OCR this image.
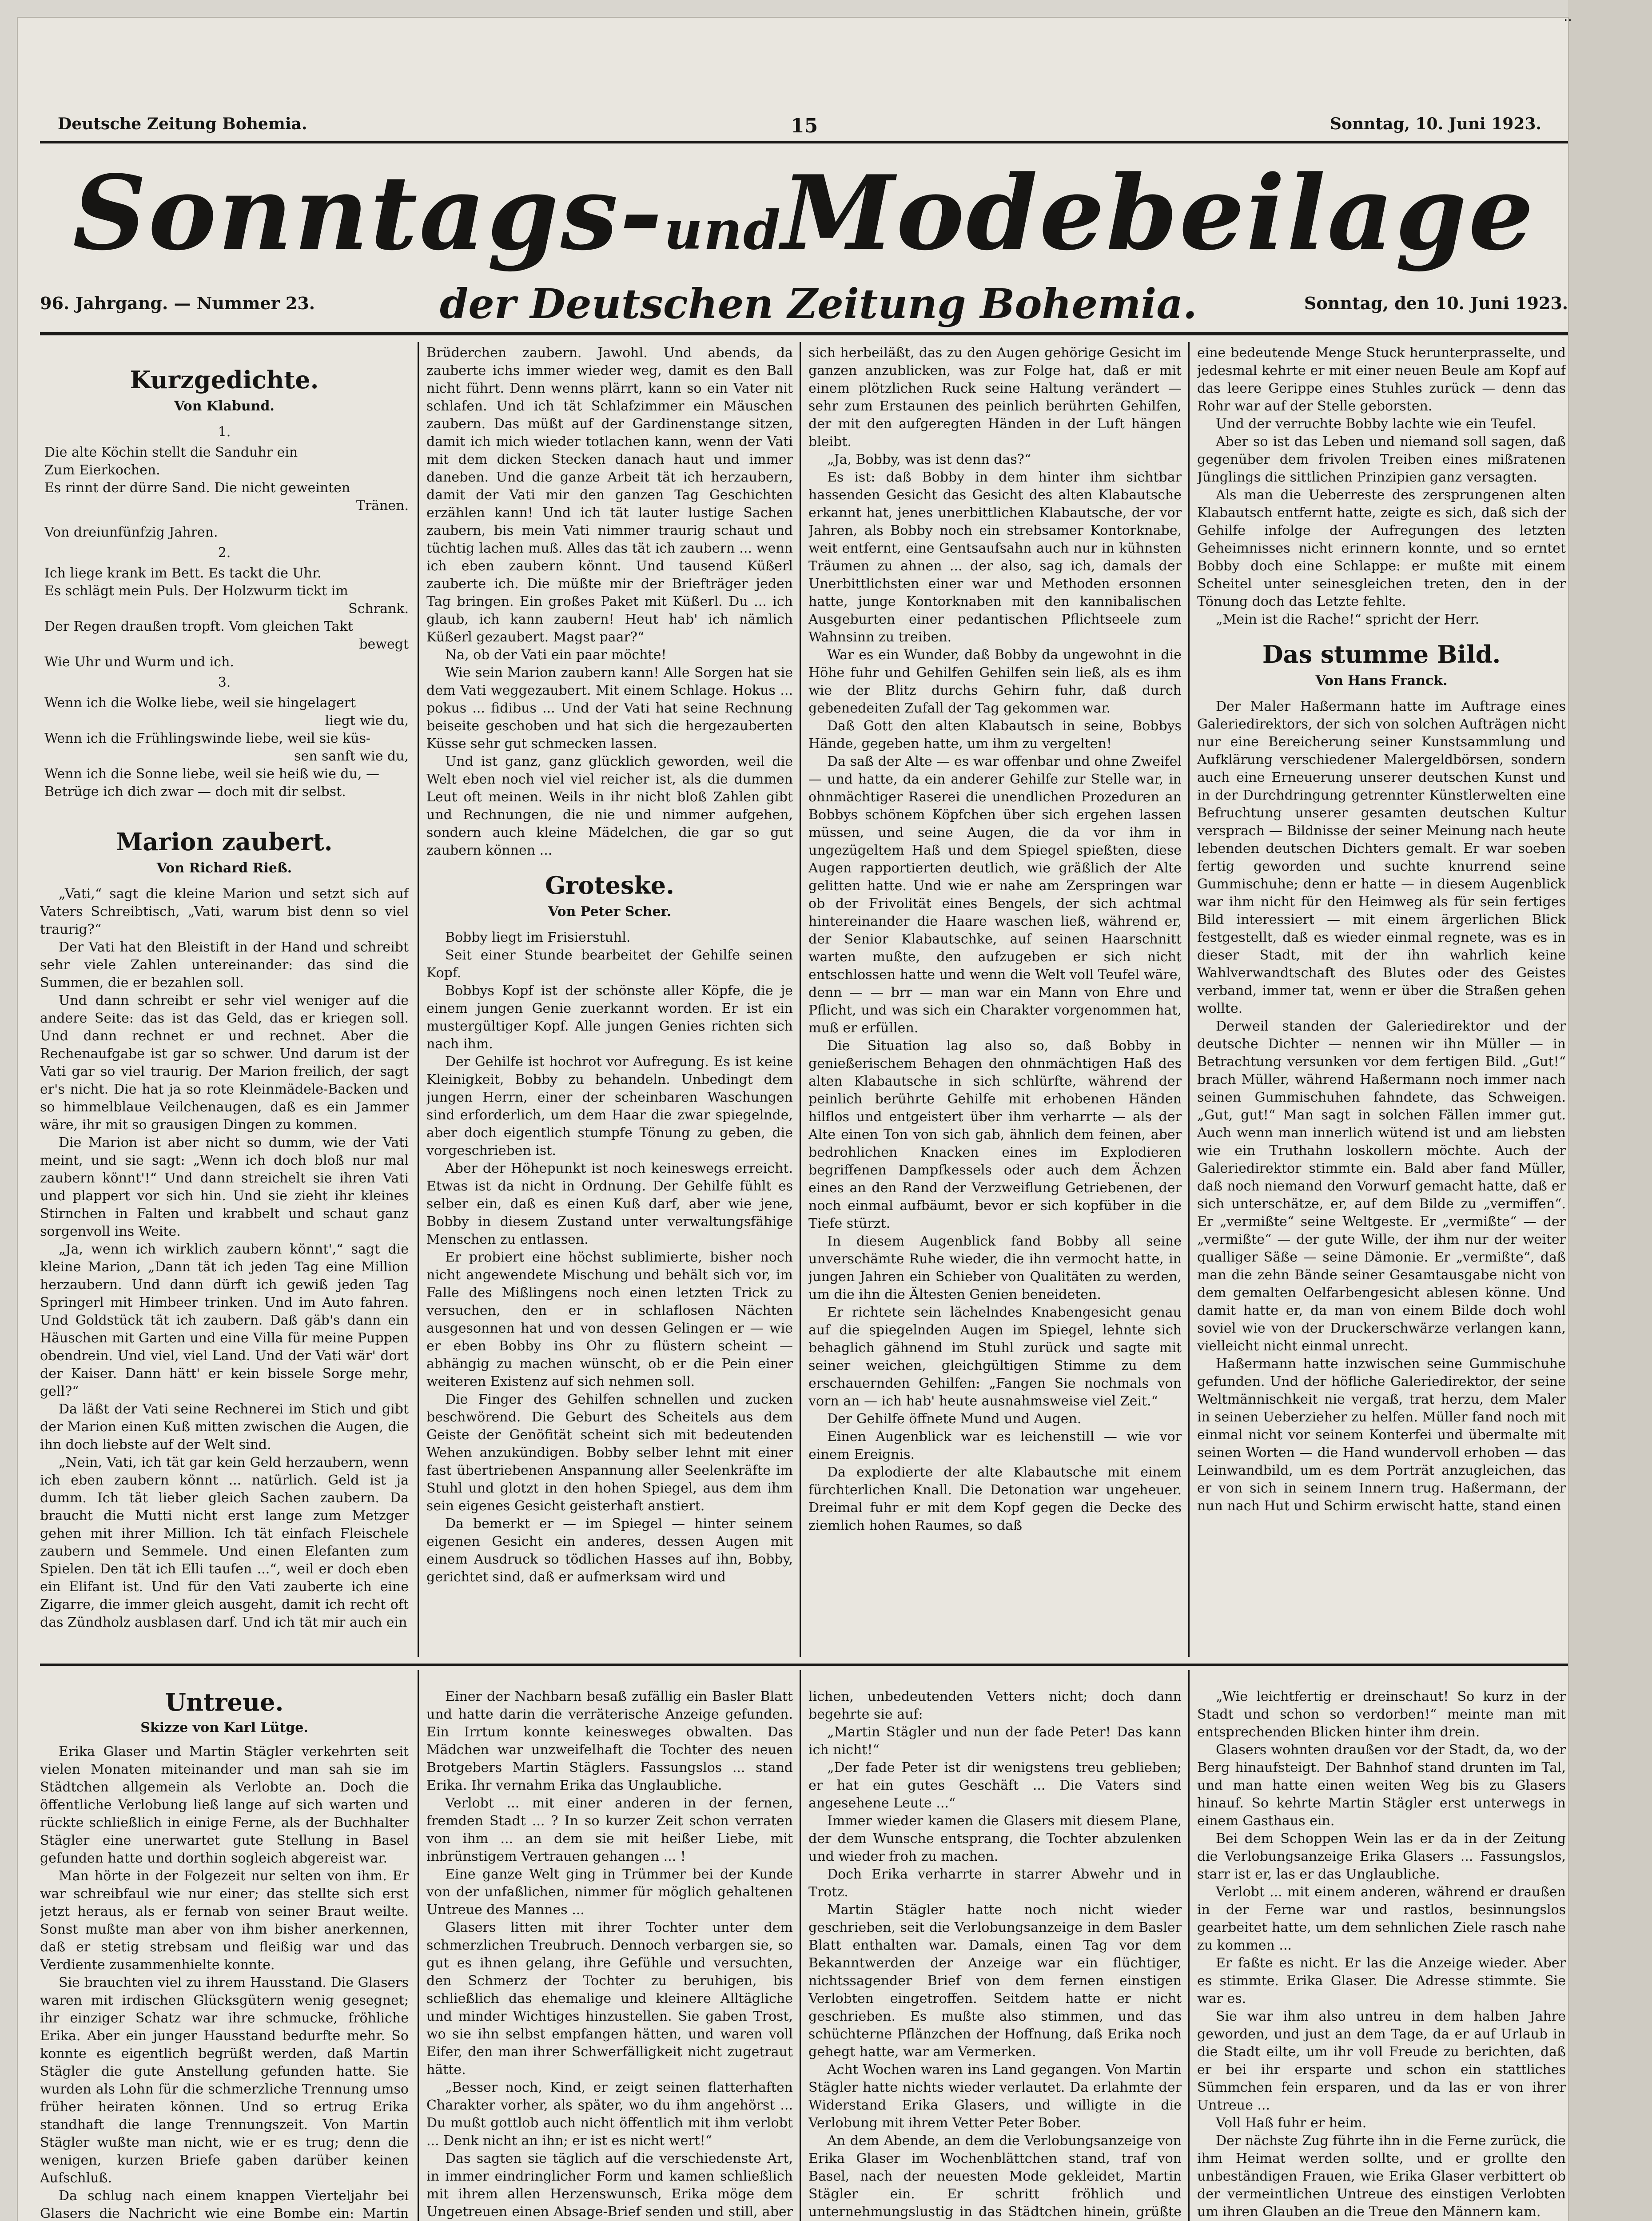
Deutsche Zeitung Bohemia.	15	Sonntag, 10. Juni 1923.
Sonntags-undModebeilage
96. Jahrgang. — Nummer 23.	der Deutschen Zeitung Bohemia.	Sonntag, den 10. Juni 1923.
Kurzgedichte.
Von Klabund.
1.
Die alte Köchin stellt die Sanduhr ein
Zum Eierkochen.
Es rinnt der dürre Sand. Die nicht geweinten
Tränen.
Von dreiunfünfzig Jahren.
2.
Ich liege krank im Bett. Es tackt die Uhr.
Es schlägt mein Puls. Der Holzwurm tickt im
Schrank.
Der Regen draußen tropft. Vom gleichen Takt
bewegt
Wie Uhr und Wurm und ich.
3.
Wenn ich die Wolke liebe, weil sie hingelagert
liegt wie du,
Wenn ich die Frühlingswinde liebe, weil sie küs-
sen sanft wie du,
Wenn ich die Sonne liebe, weil sie heiß wie du, —
Betrüge ich dich zwar — doch mit dir selbst.
Marion zaubert.
Von Richard Rieß.

„Vati,“ sagt die kleine Marion und setzt sich auf Vaters Schreibtisch, „Vati, warum bist denn so viel traurig?“

Der Vati hat den Bleistift in der Hand und schreibt sehr viele Zahlen untereinander: das sind die Summen, die er bezahlen soll.

Und dann schreibt er sehr viel weniger auf die andere Seite: das ist das Geld, das er kriegen soll. Und dann rechnet er und rechnet. Aber die Rechenaufgabe ist gar so schwer. Und darum ist der Vati gar so viel traurig. Der Marion freilich, der sagt er's nicht. Die hat ja so rote Kleinmädele-Backen und so himmelblaue Veilchenaugen, daß es ein Jammer wäre, ihr mit so grausigen Dingen zu kommen.

Die Marion ist aber nicht so dumm, wie der Vati meint, und sie sagt: „Wenn ich doch bloß nur mal zaubern könnt'!“ Und dann streichelt sie ihren Vati und plappert vor sich hin. Und sie zieht ihr kleines Stirnchen in Falten und krabbelt und schaut ganz sorgenvoll ins Weite.

„Ja, wenn ich wirklich zaubern könnt',“ sagt die kleine Marion, „Dann tät ich jeden Tag eine Million herzaubern. Und dann dürft ich gewiß jeden Tag Springerl mit Himbeer trinken. Und im Auto fahren. Und Goldstück tät ich zaubern. Daß gäb's dann ein Häuschen mit Garten und eine Villa für meine Puppen obendrein. Und viel, viel Land. Und der Vati wär' dort der Kaiser. Dann hätt' er kein bissele Sorge mehr, gell?“

Da läßt der Vati seine Rechnerei im Stich und gibt der Marion einen Kuß mitten zwischen die Augen, die ihn doch liebste auf der Welt sind.

„Nein, Vati, ich tät gar kein Geld herzaubern, wenn ich eben zaubern könnt ... natürlich. Geld ist ja dumm. Ich tät lieber gleich Sachen zaubern. Da braucht die Mutti nicht erst lange zum Metzger gehen mit ihrer Million. Ich tät einfach Fleischele zaubern und Semmele. Und einen Elefanten zum Spielen. Den tät ich Elli taufen ...“, weil er doch eben ein Elifant ist. Und für den Vati zauberte ich eine Zigarre, die immer gleich ausgeht, damit ich recht oft das Zündholz ausblasen darf. Und ich tät mir auch ein

Brüderchen zaubern. Jawohl. Und abends, da zauberte ichs immer wieder weg, damit es den Ball nicht führt. Denn wenns plärrt, kann so ein Vater nit schlafen. Und ich tät Schlafzimmer ein Mäuschen zaubern. Das müßt auf der Gardinenstange sitzen, damit ich mich wieder totlachen kann, wenn der Vati mit dem dicken Stecken danach haut und immer daneben. Und die ganze Arbeit tät ich herzaubern, damit der Vati mir den ganzen Tag Geschichten erzählen kann! Und ich tät lauter lustige Sachen zaubern, bis mein Vati nimmer traurig schaut und tüchtig lachen muß. Alles das tät ich zaubern ... wenn ich eben zaubern könnt. Und tausend Küßerl zauberte ich. Die müßte mir der Briefträger jeden Tag bringen. Ein großes Paket mit Küßerl. Du ... ich glaub, ich kann zaubern! Heut hab' ich nämlich Küßerl gezaubert. Magst paar?“

Na, ob der Vati ein paar möchte!

Wie sein Marion zaubern kann! Alle Sorgen hat sie dem Vati weggezaubert. Mit einem Schlage. Hokus ... pokus ... fidibus ... Und der Vati hat seine Rechnung beiseite geschoben und hat sich die hergezauberten Küsse sehr gut schmecken lassen.

Und ist ganz, ganz glücklich geworden, weil die Welt eben noch viel viel reicher ist, als die dummen Leut oft meinen. Weils in ihr nicht bloß Zahlen gibt und Rechnungen, die nie und nimmer aufgehen, sondern auch kleine Mädelchen, die gar so gut zaubern können ...

Groteske.
Von Peter Scher.

Bobby liegt im Frisierstuhl.

Seit einer Stunde bearbeitet der Gehilfe seinen Kopf.

Bobbys Kopf ist der schönste aller Köpfe, die je einem jungen Genie zuerkannt worden. Er ist ein mustergültiger Kopf. Alle jungen Genies richten sich nach ihm.

Der Gehilfe ist hochrot vor Aufregung. Es ist keine Kleinigkeit, Bobby zu behandeln. Unbedingt dem jungen Herrn, einer der scheinbaren Waschungen sind erforderlich, um dem Haar die zwar spiegelnde, aber doch eigentlich stumpfe Tönung zu geben, die vorgeschrieben ist.

Aber der Höhepunkt ist noch keineswegs erreicht. Etwas ist da nicht in Ordnung. Der Gehilfe fühlt es selber ein, daß es einen Kuß darf, aber wie jene, Bobby in diesem Zustand unter verwaltungsfähige Menschen zu entlassen.

Er probiert eine höchst sublimierte, bisher noch nicht angewendete Mischung und behält sich vor, im Falle des Mißlingens noch einen letzten Trick zu versuchen, den er in schlaflosen Nächten ausgesonnen hat und von dessen Gelingen er — wie er eben Bobby ins Ohr zu flüstern scheint — abhängig zu machen wünscht, ob er die Pein einer weiteren Existenz auf sich nehmen soll.

Die Finger des Gehilfen schnellen und zucken beschwörend. Die Geburt des Scheitels aus dem Geiste der Genöfität scheint sich mit bedeutenden Wehen anzukündigen. Bobby selber lehnt mit einer fast übertriebenen Anspannung aller Seelenkräfte im Stuhl und glotzt in den hohen Spiegel, aus dem ihm sein eigenes Gesicht geisterhaft anstiert.

Da bemerkt er — im Spiegel — hinter seinem eigenen Gesicht ein anderes, dessen Augen mit einem Ausdruck so tödlichen Hasses auf ihn, Bobby, gerichtet sind, daß er aufmerksam wird und

sich herbeiläßt, das zu den Augen gehörige Gesicht im ganzen anzublicken, was zur Folge hat, daß er mit einem plötzlichen Ruck seine Haltung verändert — sehr zum Erstaunen des peinlich berührten Gehilfen, der mit den aufgeregten Händen in der Luft hängen bleibt.

„Ja, Bobby, was ist denn das?“

Es ist: daß Bobby in dem hinter ihm sichtbar hassenden Gesicht das Gesicht des alten Klabautsche erkannt hat, jenes unerbittlichen Klabautsche, der vor Jahren, als Bobby noch ein strebsamer Kontorknabe, weit entfernt, eine Gentsaufsahn auch nur in kühnsten Träumen zu ahnen ... der also, sag ich, damals der Unerbittlichsten einer war und Methoden ersonnen hatte, junge Kontorknaben mit den kannibalischen Ausgeburten einer pedantischen Pflichtseele zum Wahnsinn zu treiben.

War es ein Wunder, daß Bobby da ungewohnt in die Höhe fuhr und Gehilfen Gehilfen sein ließ, als es ihm wie der Blitz durchs Gehirn fuhr, daß durch gebenedeiten Zufall der Tag gekommen war.

Daß Gott den alten Klabautsch in seine, Bobbys Hände, gegeben hatte, um ihm zu vergelten!

Da saß der Alte — es war offenbar und ohne Zweifel — und hatte, da ein anderer Gehilfe zur Stelle war, in ohnmächtiger Raserei die unendlichen Prozeduren an Bobbys schönem Köpfchen über sich ergehen lassen müssen, und seine Augen, die da vor ihm in ungezügeltem Haß und dem Spiegel spießten, diese Augen rapportierten deutlich, wie gräßlich der Alte gelitten hatte. Und wie er nahe am Zerspringen war ob der Frivolität eines Bengels, der sich achtmal hintereinander die Haare waschen ließ, während er, der Senior Klabautschke, auf seinen Haarschnitt warten mußte, den aufzugeben er sich nicht entschlossen hatte und wenn die Welt voll Teufel wäre, denn — — brr — man war ein Mann von Ehre und Pflicht, und was sich ein Charakter vorgenommen hat, muß er erfüllen.

Die Situation lag also so, daß Bobby in genießerischem Behagen den ohnmächtigen Haß des alten Klabautsche in sich schlürfte, während der peinlich berührte Gehilfe mit erhobenen Händen hilflos und entgeistert über ihm verharrte — als der Alte einen Ton von sich gab, ähnlich dem feinen, aber bedrohlichen Knacken eines im Explodieren begriffenen Dampfkessels oder auch dem Ächzen eines an den Rand der Verzweiflung Getriebenen, der noch einmal aufbäumt, bevor er sich kopfüber in die Tiefe stürzt.

In diesem Augenblick fand Bobby all seine unverschämte Ruhe wieder, die ihn vermocht hatte, in jungen Jahren ein Schieber von Qualitäten zu werden, um die ihn die Ältesten Genien beneideten.

Er richtete sein lächelndes Knabengesicht genau auf die spiegelnden Augen im Spiegel, lehnte sich behaglich gähnend im Stuhl zurück und sagte mit seiner weichen, gleichgültigen Stimme zu dem erschauernden Gehilfen: „Fangen Sie nochmals von vorn an — ich hab' heute ausnahmsweise viel Zeit.“

Der Gehilfe öffnete Mund und Augen.

Einen Augenblick war es leichenstill — wie vor einem Ereignis.

Da explodierte der alte Klabautsche mit einem fürchterlichen Knall. Die Detonation war ungeheuer. Dreimal fuhr er mit dem Kopf gegen die Decke des ziemlich hohen Raumes, so daß

eine bedeutende Menge Stuck herunterprasselte, und jedesmal kehrte er mit einer neuen Beule am Kopf auf das leere Gerippe eines Stuhles zurück — denn das Rohr war auf der Stelle geborsten.

Und der verruchte Bobby lachte wie ein Teufel.

Aber so ist das Leben und niemand soll sagen, daß gegenüber dem frivolen Treiben eines mißratenen Jünglings die sittlichen Prinzipien ganz versagten.

Als man die Ueberreste des zersprungenen alten Klabautsch entfernt hatte, zeigte es sich, daß sich der Gehilfe infolge der Aufregungen des letzten Geheimnisses nicht erinnern konnte, und so erntet Bobby doch eine Schlappe: er mußte mit einem Scheitel unter seinesgleichen treten, den in der Tönung doch das Letzte fehlte.

„Mein ist die Rache!“ spricht der Herr.

Das stumme Bild.
Von Hans Franck.

Der Maler Haßermann hatte im Auftrage eines Galeriedirektors, der sich von solchen Aufträgen nicht nur eine Bereicherung seiner Kunstsammlung und Aufklärung verschiedener Malergeldbörsen, sondern auch eine Erneuerung unserer deutschen Kunst und in der Durchdringung getrennter Künstlerwelten eine Befruchtung unserer gesamten deutschen Kultur versprach — Bildnisse der seiner Meinung nach heute lebenden deutschen Dichters gemalt. Er war soeben fertig geworden und suchte knurrend seine Gummischuhe; denn er hatte — in diesem Augenblick war ihm nicht für den Heimweg als für sein fertiges Bild interessiert — mit einem ärgerlichen Blick festgestellt, daß es wieder einmal regnete, was es in dieser Stadt, mit der ihn wahrlich keine Wahlverwandtschaft des Blutes oder des Geistes verband, immer tat, wenn er über die Straßen gehen wollte.

Derweil standen der Galeriedirektor und der deutsche Dichter — nennen wir ihn Müller — in Betrachtung versunken vor dem fertigen Bild. „Gut!“ brach Müller, während Haßermann noch immer nach seinen Gummischuhen fahndete, das Schweigen. „Gut, gut!“ Man sagt in solchen Fällen immer gut. Auch wenn man innerlich wütend ist und am liebsten wie ein Truthahn loskollern möchte. Auch der Galeriedirektor stimmte ein. Bald aber fand Müller, daß noch niemand den Vorwurf gemacht hatte, daß er sich unterschätze, er, auf dem Bilde zu „vermiffen“. Er „vermißte“ seine Weltgeste. Er „vermißte“ — der „vermißte“ — der gute Wille, der ihm nur der weiter qualliger Säße — seine Dämonie. Er „vermißte“, daß man die zehn Bände seiner Gesamtausgabe nicht von dem gemalten Oelfarbengesicht ablesen könne. Und damit hatte er, da man von einem Bilde doch wohl soviel wie von der Druckerschwärze verlangen kann, vielleicht nicht einmal unrecht.

Haßermann hatte inzwischen seine Gummischuhe gefunden. Und der höfliche Galeriedirektor, der seine Weltmännischkeit nie vergaß, trat herzu, dem Maler in seinen Ueberzieher zu helfen. Müller fand noch mit einmal nicht vor seinem Konterfei und übermalte mit seinen Worten — die Hand wundervoll erhoben — das Leinwandbild, um es dem Porträt anzugleichen, das er von sich in seinem Innern trug. Haßermann, der nun nach Hut und Schirm erwischt hatte, stand einen

Untreue.
Skizze von Karl Lütge.

Erika Glaser und Martin Stägler verkehrten seit vielen Monaten miteinander und man sah sie im Städtchen allgemein als Verlobte an. Doch die öffentliche Verlobung ließ lange auf sich warten und rückte schließlich in einige Ferne, als der Buchhalter Stägler eine unerwartet gute Stellung in Basel gefunden hatte und dorthin sogleich abgereist war.

Man hörte in der Folgezeit nur selten von ihm. Er war schreibfaul wie nur einer; das stellte sich erst jetzt heraus, als er fernab von seiner Braut weilte. Sonst mußte man aber von ihm bisher anerkennen, daß er stetig strebsam und fleißig war und das Verdiente zusammenhielte konnte.

Sie brauchten viel zu ihrem Hausstand. Die Glasers waren mit irdischen Glücksgütern wenig gesegnet; ihr einziger Schatz war ihre schmucke, fröhliche Erika. Aber ein junger Hausstand bedurfte mehr. So konnte es eigentlich begrüßt werden, daß Martin Stägler die gute Anstellung gefunden hatte. Sie wurden als Lohn für die schmerzliche Trennung umso früher heiraten können. Und so ertrug Erika standhaft die lange Trennungszeit. Von Martin Stägler wußte man nicht, wie er es trug; denn die wenigen, kurzen Briefe gaben darüber keinen Aufschluß.

Da schlug nach einem knappen Vierteljahr bei Glasers die Nachricht wie eine Bombe ein: Martin

Einer der Nachbarn besaß zufällig ein Basler Blatt und hatte darin die verräterische Anzeige gefunden. Ein Irrtum konnte keinesweges obwalten. Das Mädchen war unzweifelhaft die Tochter des neuen Brotgebers Martin Stäglers. Fassungslos ... stand Erika. Ihr vernahm Erika das Unglaubliche.

Verlobt ... mit einer anderen in der fernen, fremden Stadt ... ? In so kurzer Zeit schon verraten von ihm ... an dem sie mit heißer Liebe, mit inbrünstigem Vertrauen gehangen ... !

Eine ganze Welt ging in Trümmer bei der Kunde von der unfaßlichen, nimmer für möglich gehaltenen Untreue des Mannes ...

Glasers litten mit ihrer Tochter unter dem schmerzlichen Treubruch. Dennoch verbargen sie, so gut es ihnen gelang, ihre Gefühle und versuchten, den Schmerz der Tochter zu beruhigen, bis schließlich das ehemalige und kleinere Alltägliche und minder Wichtiges hinzustellen. Sie gaben Trost, wo sie ihn selbst empfangen hätten, und waren voll Eifer, den man ihrer Schwerfälligkeit nicht zugetraut hätte.

„Besser noch, Kind, er zeigt seinen flatterhaften Charakter vorher, als später, wo du ihm angehörst ... Du mußt gottlob auch nicht öffentlich mit ihm verlobt ... Denk nicht an ihn; er ist es nicht wert!“

Das sagten sie täglich auf die verschiedenste Art, in immer eindringlicher Form und kamen schließlich mit ihrem allen Herzenswunsch, Erika möge dem Ungetreuen einen Absage-Brief senden und still, aber

lichen, unbedeutenden Vetters nicht; doch dann begehrte sie auf:

„Martin Stägler und nun der fade Peter! Das kann ich nicht!“

„Der fade Peter ist dir wenigstens treu geblieben; er hat ein gutes Geschäft ... Die Vaters sind angesehene Leute ...“

Immer wieder kamen die Glasers mit diesem Plane, der dem Wunsche entsprang, die Tochter abzulenken und wieder froh zu machen.

Doch Erika verharrte in starrer Abwehr und in Trotz.

Martin Stägler hatte noch nicht wieder geschrieben, seit die Verlobungsanzeige in dem Basler Blatt enthalten war. Damals, einen Tag vor dem Bekanntwerden der Anzeige war ein flüchtiger, nichtssagender Brief von dem fernen einstigen Verlobten eingetroffen. Seitdem hatte er nicht geschrieben. Es mußte also stimmen, und das schüchterne Pflänzchen der Hoffnung, daß Erika noch gehegt hatte, war am Vermerken.

Acht Wochen waren ins Land gegangen. Von Martin Stägler hatte nichts wieder verlautet. Da erlahmte der Widerstand Erika Glasers, und willigte in die Verlobung mit ihrem Vetter Peter Bober.

An dem Abende, an dem die Verlobungsanzeige von Erika Glaser im Wochenblättchen stand, traf von Basel, nach der neuesten Mode gekleidet, Martin Stägler ein. Er schritt fröhlich und unternehmungslustig in das Städtchen hinein, grüßte

„Wie leichtfertig er dreinschaut! So kurz in der Stadt und schon so verdorben!“ meinte man mit entsprechenden Blicken hinter ihm drein.

Glasers wohnten draußen vor der Stadt, da, wo der Berg hinaufsteigt. Der Bahnhof stand drunten im Tal, und man hatte einen weiten Weg bis zu Glasers hinauf. So kehrte Martin Stägler erst unterwegs in einem Gasthaus ein.

Bei dem Schoppen Wein las er da in der Zeitung die Verlobungsanzeige Erika Glasers ... Fassungslos, starr ist er, las er das Unglaubliche.

Verlobt ... mit einem anderen, während er draußen in der Ferne war und rastlos, besinnungslos gearbeitet hatte, um dem sehnlichen Ziele rasch nahe zu kommen ...

Er faßte es nicht. Er las die Anzeige wieder. Aber es stimmte. Erika Glaser. Die Adresse stimmte. Sie war es.

Sie war ihm also untreu in dem halben Jahre geworden, und just an dem Tage, da er auf Urlaub in die Stadt eilte, um ihr voll Freude zu berichten, daß er bei ihr ersparte und schon ein stattliches Sümmchen fein ersparen, und da las er von ihrer Untreue ...

Voll Haß fuhr er heim.

Der nächste Zug führte ihn in die Ferne zurück, die ihm Heimat werden sollte, und er grollte den unbeständigen Frauen, wie Erika Glaser verbittert ob der vermeintlichen Untreue des einstigen Verlobten um ihren Glauben an die Treue den Männern kam.

..
